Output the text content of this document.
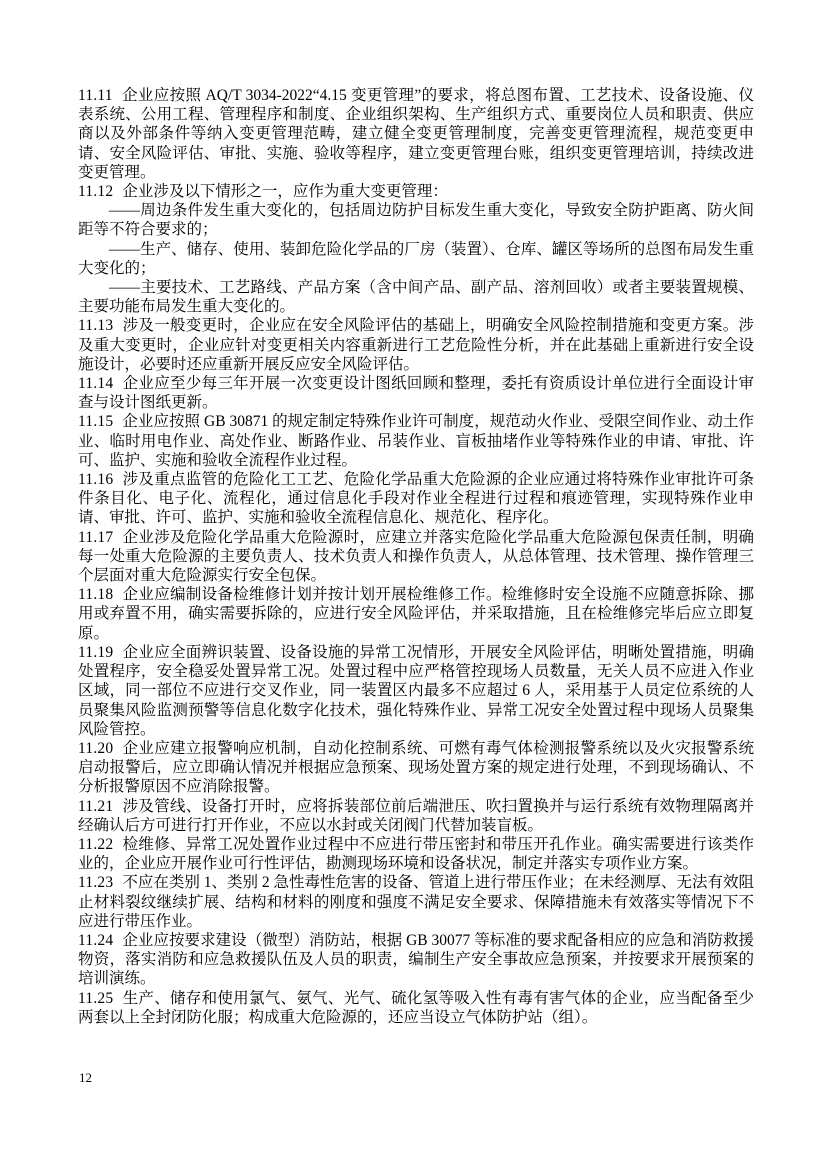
11.11 企业应按照 AQ/T 3034-2022“4.15 变更管理”的要求，将总图布置、工艺技术、设备设施、仪表系统、公用工程、管理程序和制度、企业组织架构、生产组织方式、重要岗位人员和职责、供应商以及外部条件等纳入变更管理范畴，建立健全变更管理制度，完善变更管理流程，规范变更申请、安全风险评估、审批、实施、验收等程序，建立变更管理台账，组织变更管理培训，持续改进变更管理。

11.12 企业涉及以下情形之一，应作为重大变更管理：

——周边条件发生重大变化的，包括周边防护目标发生重大变化，导致安全防护距离、防火间距等不符合要求的；

——生产、储存、使用、装卸危险化学品的厂房（装置）、仓库、罐区等场所的总图布局发生重大变化的；

——主要技术、工艺路线、产品方案（含中间产品、副产品、溶剂回收）或者主要装置规模、主要功能布局发生重大变化的。

11.13 涉及一般变更时，企业应在安全风险评估的基础上，明确安全风险控制措施和变更方案。涉及重大变更时，企业应针对变更相关内容重新进行工艺危险性分析，并在此基础上重新进行安全设施设计，必要时还应重新开展反应安全风险评估。

11.14 企业应至少每三年开展一次变更设计图纸回顾和整理，委托有资质设计单位进行全面设计审查与设计图纸更新。

11.15 企业应按照 GB 30871 的规定制定特殊作业许可制度，规范动火作业、受限空间作业、动土作业、临时用电作业、高处作业、断路作业、吊装作业、盲板抽堵作业等特殊作业的申请、审批、许可、监护、实施和验收全流程作业过程。

11.16 涉及重点监管的危险化工工艺、危险化学品重大危险源的企业应通过将特殊作业审批许可条件条目化、电子化、流程化，通过信息化手段对作业全程进行过程和痕迹管理，实现特殊作业申请、审批、许可、监护、实施和验收全流程信息化、规范化、程序化。

11.17 企业涉及危险化学品重大危险源时，应建立并落实危险化学品重大危险源包保责任制，明确每一处重大危险源的主要负责人、技术负责人和操作负责人，从总体管理、技术管理、操作管理三个层面对重大危险源实行安全包保。

11.18 企业应编制设备检维修计划并按计划开展检维修工作。检维修时安全设施不应随意拆除、挪用或弃置不用，确实需要拆除的，应进行安全风险评估，并采取措施，且在检维修完毕后应立即复原。

11.19 企业应全面辨识装置、设备设施的异常工况情形，开展安全风险评估，明晰处置措施，明确处置程序，安全稳妥处置异常工况。处置过程中应严格管控现场人员数量，无关人员不应进入作业区域，同一部位不应进行交叉作业，同一装置区内最多不应超过 6 人，采用基于人员定位系统的人员聚集风险监测预警等信息化数字化技术，强化特殊作业、异常工况安全处置过程中现场人员聚集风险管控。

11.20 企业应建立报警响应机制，自动化控制系统、可燃有毒气体检测报警系统以及火灾报警系统启动报警后，应立即确认情况并根据应急预案、现场处置方案的规定进行处理，不到现场确认、不分析报警原因不应消除报警。

11.21 涉及管线、设备打开时，应将拆装部位前后端泄压、吹扫置换并与运行系统有效物理隔离并经确认后方可进行打开作业，不应以水封或关闭阀门代替加装盲板。

11.22 检维修、异常工况处置作业过程中不应进行带压密封和带压开孔作业。确实需要进行该类作业的，企业应开展作业可行性评估，勘测现场环境和设备状况，制定并落实专项作业方案。

11.23 不应在类别 1、类别 2 急性毒性危害的设备、管道上进行带压作业；在未经测厚、无法有效阻止材料裂纹继续扩展、结构和材料的刚度和强度不满足安全要求、保障措施未有效落实等情况下不应进行带压作业。

11.24 企业应按要求建设（微型）消防站，根据 GB 30077 等标准的要求配备相应的应急和消防救援物资，落实消防和应急救援队伍及人员的职责，编制生产安全事故应急预案，并按要求开展预案的培训演练。

11.25 生产、储存和使用氯气、氨气、光气、硫化氢等吸入性有毒有害气体的企业，应当配备至少两套以上全封闭防化服；构成重大危险源的，还应当设立气体防护站（组）。

12
